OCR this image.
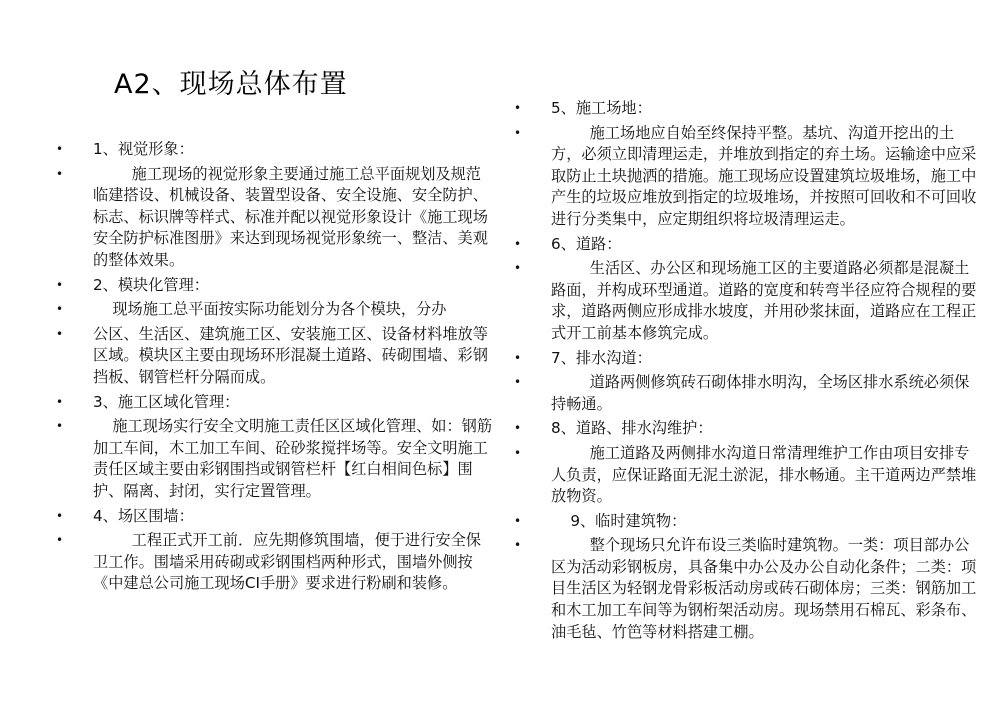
A2、现场总体布置
• 1、视觉形象：
•         施工现场的视觉形象主要通过施工总平面规划及规范临建搭设、机械设备、装置型设备、安全设施、安全防护、标志、标识牌等样式、标准并配以视觉形象设计《施工现场安全防护标准图册》来达到现场视觉形象统一、整洁、美观的整体效果。
• 2、模块化管理：
•     现场施工总平面按实际功能划分为各个模块，分办
• 公区、生活区、建筑施工区、安装施工区、设备材料堆放等区域。模块区主要由现场环形混凝土道路、砖砌围墙、彩钢挡板、钢管栏杆分隔而成。
• 3、施工区域化管理：
•     施工现场实行安全文明施工责任区区域化管理、如：钢筋加工车间，木工加工车间、砼砂浆搅拌场等。安全文明施工责任区域主要由彩钢围挡或钢管栏杆【红白相间色标】围护、隔离、封闭，实行定置管理。
• 4、场区围墙：
•         工程正式开工前．应先期修筑围墙，便于进行安全保卫工作。围墙采用砖砌或彩钢围档两种形式，围墙外侧按《中建总公司施工现场CI手册》要求进行粉刷和装修。
• 5、施工场地：
•         施工场地应自始至终保持平整。基坑、沟道开挖出的土方，必须立即清理运走，并堆放到指定的弃土场。运输途中应采取防止土块抛洒的措施。施工现场应设置建筑垃圾堆场，施工中产生的垃圾应堆放到指定的垃圾堆场，并按照可回收和不可回收进行分类集中，应定期组织将垃圾清理运走。
• 6、道路：
•         生活区、办公区和现场施工区的主要道路必须都是混凝土路面，并构成环型通道。道路的宽度和转弯半径应符合规程的要求，道路两侧应形成排水坡度，并用砂浆抹面，道路应在工程正式开工前基本修筑完成。
• 7、排水沟道：
•         道路两侧修筑砖石砌体排水明沟，全场区排水系统必须保持畅通。
• 8、道路、排水沟维护：
•         施工道路及两侧排水沟道日常清理维护工作由项目安排专人负责，应保证路面无泥土淤泥，排水畅通。主干道两边严禁堆放物资。
•     9、临时建筑物：
•         整个现场只允许布设三类临时建筑物。一类：项目部办公区为活动彩钢板房，具备集中办公及办公自动化条件；二类：项目生活区为轻钢龙骨彩板活动房或砖石砌体房；三类：钢筋加工和木工加工车间等为钢桁架活动房。现场禁用石棉瓦、彩条布、油毛毡、竹笆等材料搭建工棚。
